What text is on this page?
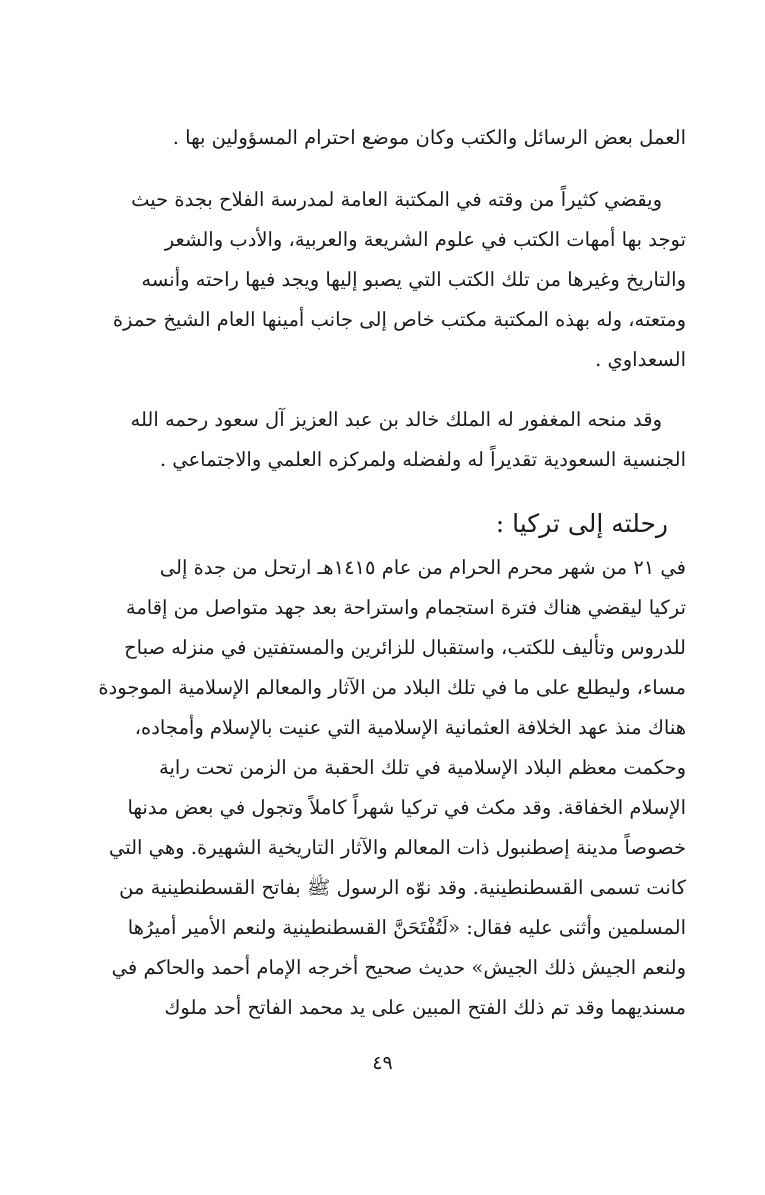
العمل بعض الرسائل والكتب وكان موضع احترام المسؤولين بها .
ويقضي كثيراً من وقته في المكتبة العامة لمدرسة الفلاح بجدة حيث
توجد بها أمهات الكتب في علوم الشريعة والعربية، والأدب والشعر
والتاريخ وغيرها من تلك الكتب التي يصبو إليها ويجد فيها راحته وأنسه
ومتعته، وله بهذه المكتبة مكتب خاص إلى جانب أمينها العام الشيخ حمزة
السعداوي .
وقد منحه المغفور له الملك خالد بن عبد العزيز آل سعود رحمه الله
الجنسية السعودية تقديراً له ولفضله ولمركزه العلمي والاجتماعي .
رحلته إلى تركيا :
في ٢١ من شهر محرم الحرام من عام ١٤١٥هـ ارتحل من جدة إلى
تركيا ليقضي هناك فترة استجمام واستراحة بعد جهد متواصل من إقامة
للدروس وتأليف للكتب، واستقبال للزائرين والمستفتين في منزله صباح
مساء، وليطلع على ما في تلك البلاد من الآثار والمعالم الإسلامية الموجودة
هناك منذ عهد الخلافة العثمانية الإسلامية التي عنيت بالإسلام وأمجاده،
وحكمت معظم البلاد الإسلامية في تلك الحقبة من الزمن تحت راية
الإسلام الخفاقة. وقد مكث في تركيا شهراً كاملاً وتجول في بعض مدنها
خصوصاً مدينة إصطنبول ذات المعالم والآثار التاريخية الشهيرة. وهي التي
كانت تسمى القسطنطينية. وقد نوّه الرسول ﷺ بفاتح القسطنطينية من
المسلمين وأثنى عليه فقال: «لَتُفْتَحَنَّ القسطنطينية ولنعم الأمير أميرُها
ولنعم الجيش ذلك الجيش» حديث صحيح أخرجه الإمام أحمد والحاكم في
مسنديهما وقد تم ذلك الفتح المبين على يد محمد الفاتح أحد ملوك
٤٩
